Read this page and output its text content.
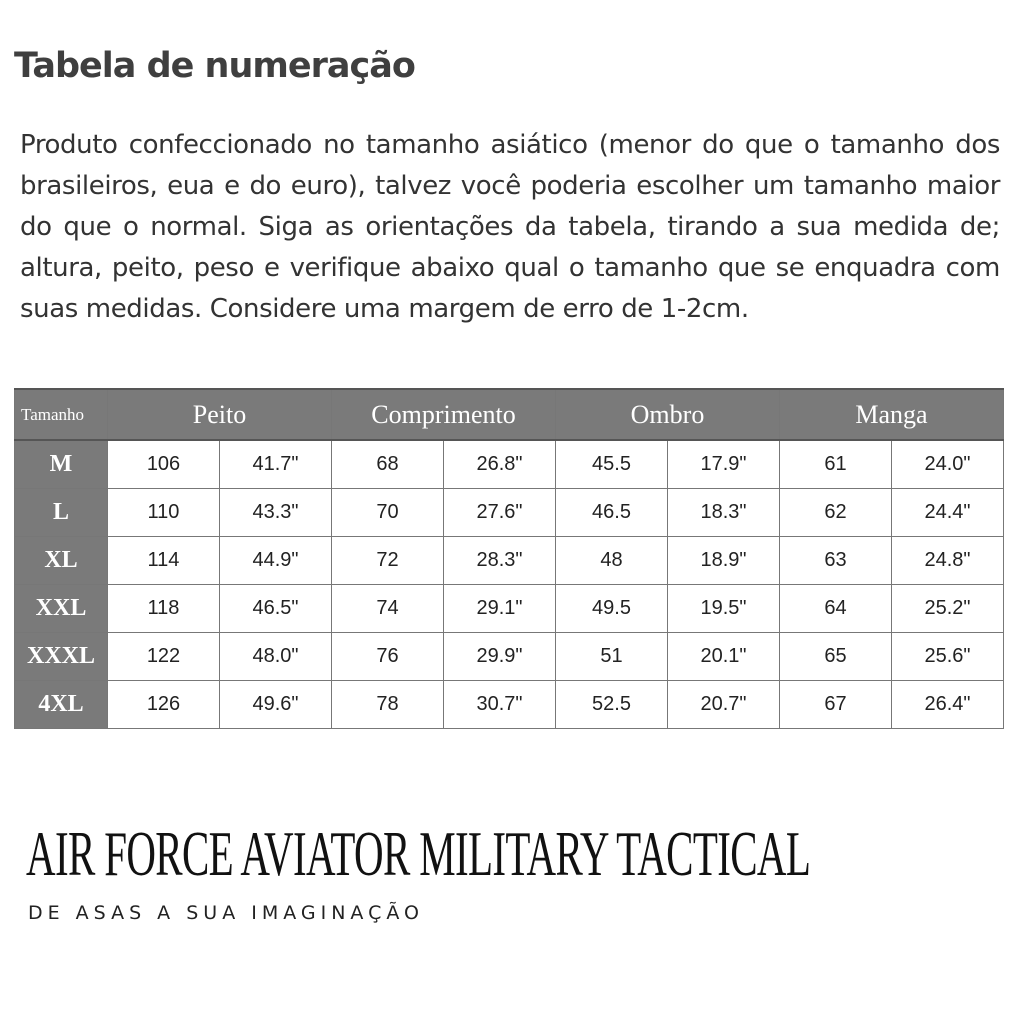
Tabela de numeração

Produto confeccionado no tamanho asiático (menor do que o tamanho dos brasileiros, eua e do euro), talvez você poderia escolher um tamanho maior do que o normal. Siga as orientações da tabela, tirando a sua medida de; altura, peito, peso e verifique abaixo qual o tamanho que se enquadra com suas medidas. Considere uma margem de erro de 1-2cm.

Tamanho	Peito		Comprimento		Ombro		Manga	
M	106	41.7"	68	26.8"	45.5	17.9"	61	24.0"
L	110	43.3"	70	27.6"	46.5	18.3"	62	24.4"
XL	114	44.9"	72	28.3"	48	18.9"	63	24.8"
XXL	118	46.5"	74	29.1"	49.5	19.5"	64	25.2"
XXXL	122	48.0"	76	29.9"	51	20.1"	65	25.6"
4XL	126	49.6"	78	30.7"	52.5	20.7"	67	26.4"
AIR FORCE AVIATOR MILITARY TACTICAL
DE ASAS A SUA IMAGINAÇÃO
